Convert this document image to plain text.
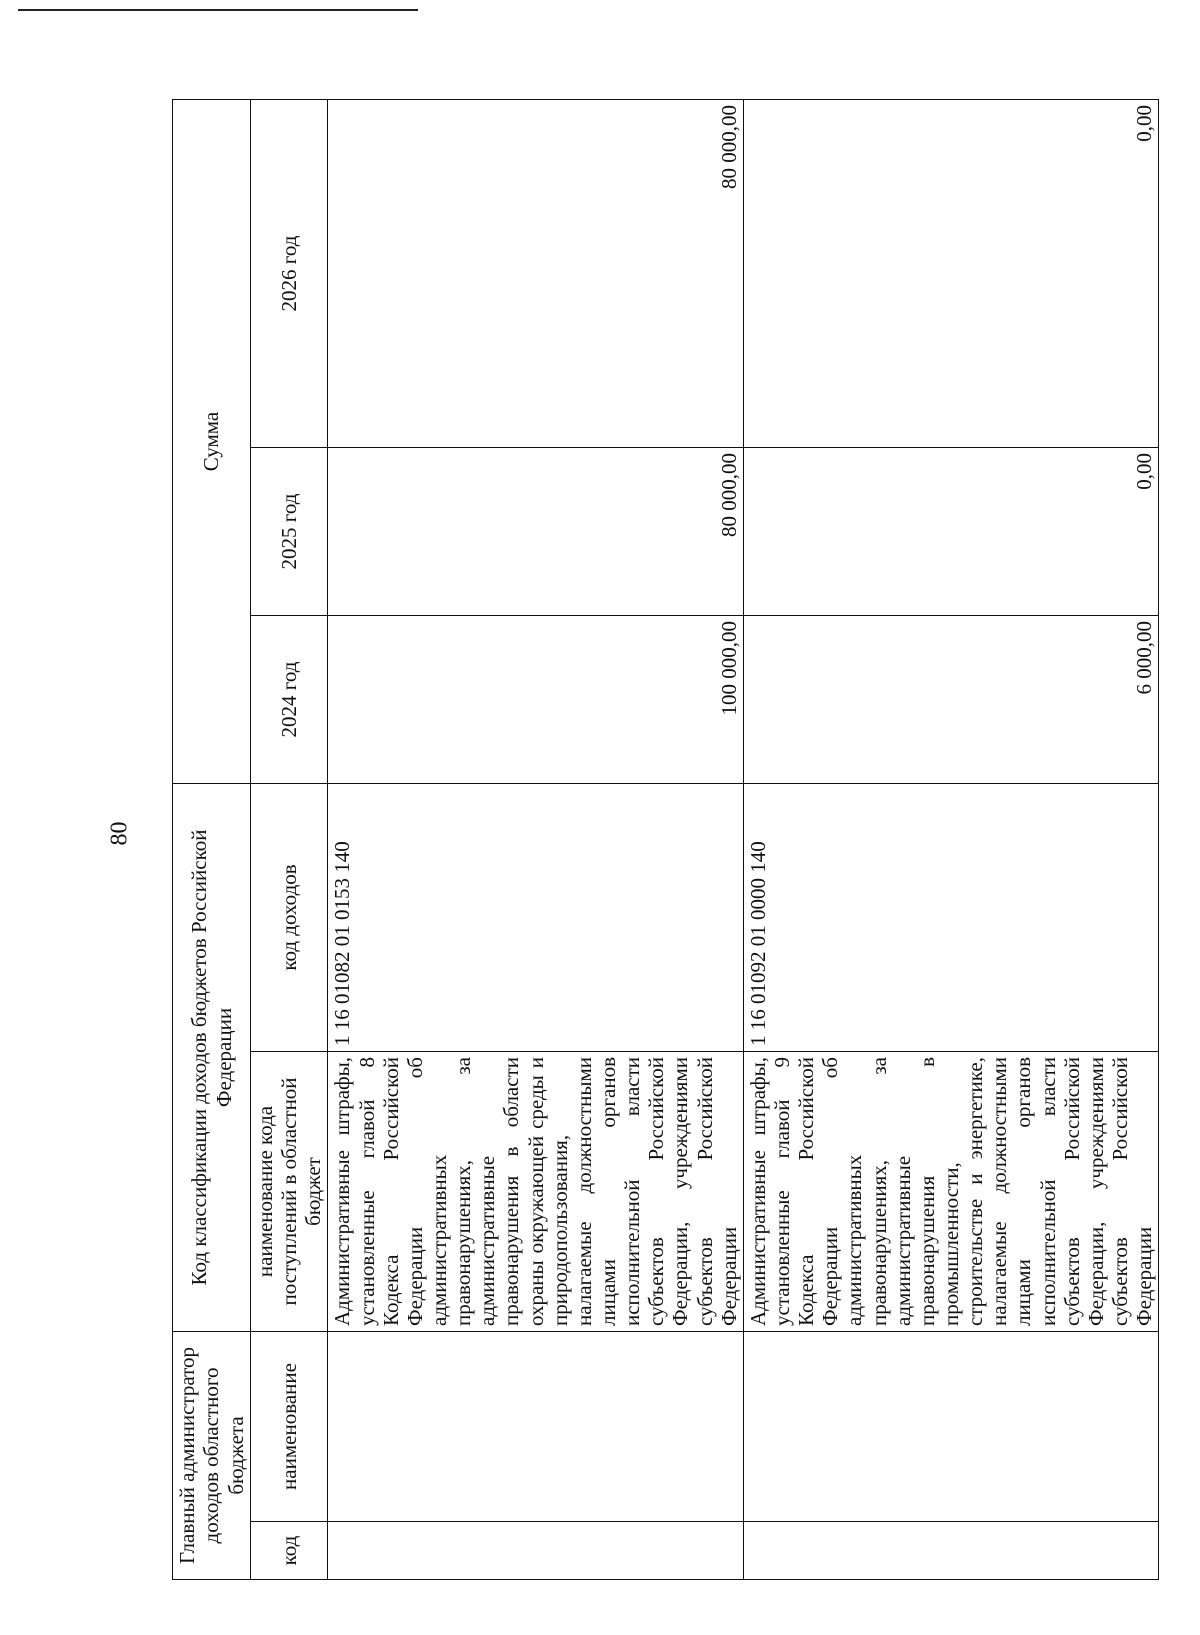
80
Главный администратор доходов областного бюджета		Код классификации доходов бюджетов Российской Федерации		Сумма		
код	наименование	наименование кода поступлений в областной бюджет	код доходов	2024 год	2025 год	2026 год
		Административные штрафы, установленные главой 8 Кодекса Российской Федерации об административных правонарушениях, за административные правонарушения в области охраны окружающей среды и природопользования, налагаемые должностными лицами органов исполнительной власти субъектов Российской Федерации, учреждениями субъектов Российской Федерации	1 16 01082 01 0153 140	100 000,00	80 000,00	80 000,00
		Административные штрафы, установленные главой 9 Кодекса Российской Федерации об административных правонарушениях, за административные правонарушения в промышленности, строительстве и энергетике, налагаемые должностными лицами органов исполнительной власти субъектов Российской Федерации, учреждениями субъектов Российской Федерации	1 16 01092 01 0000 140	6 000,00	0,00	0,00
